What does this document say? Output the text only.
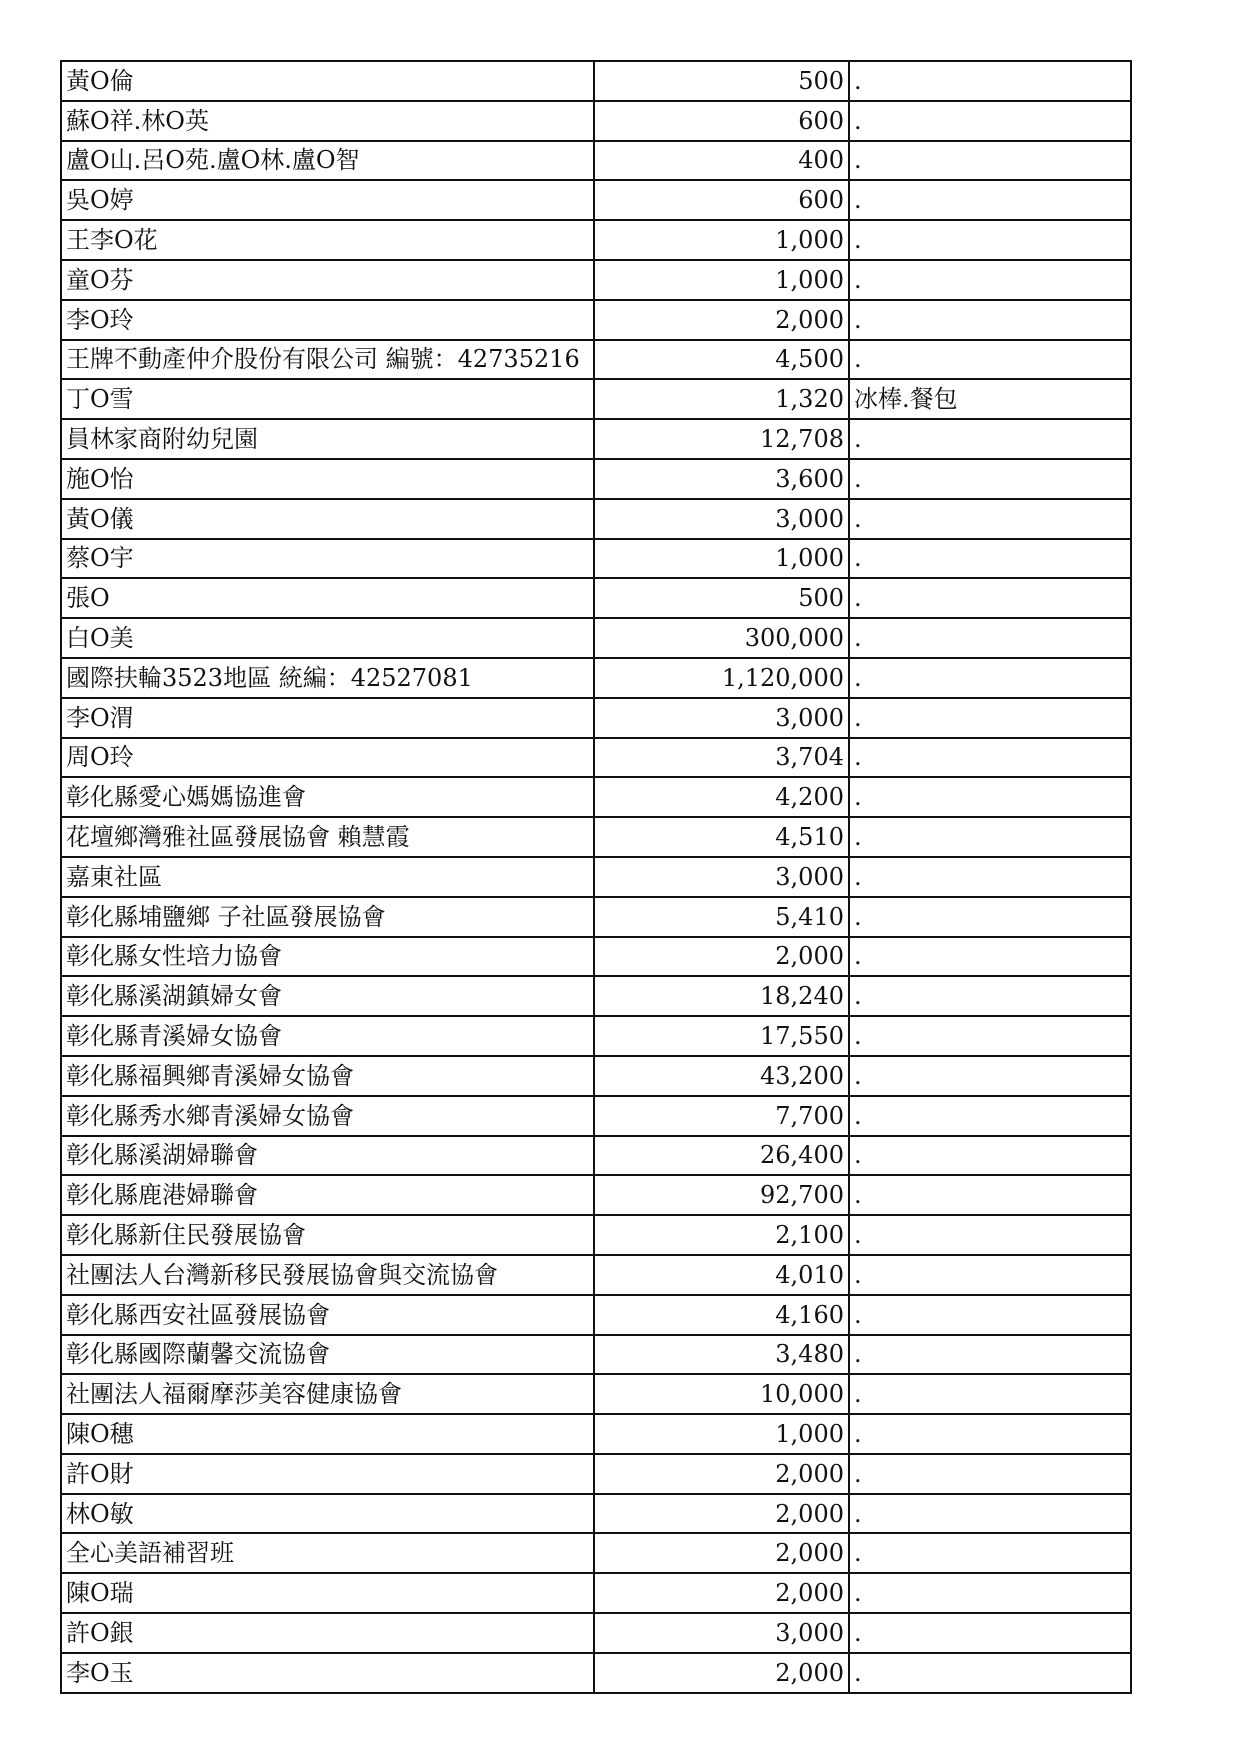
黃O倫	500	.
蘇O祥.林O英	600	.
盧O山.呂O苑.盧O林.盧O智	400	.
吳O婷	600	.
王李O花	1,000	.
童O芬	1,000	.
李O玲	2,000	.
王牌不動產仲介股份有限公司 編號：42735216	4,500	.
丁O雪	1,320	冰棒.餐包
員林家商附幼兒園	12,708	.
施O怡	3,600	.
黃O儀	3,000	.
蔡O宇	1,000	.
張O	500	.
白O美	300,000	.
國際扶輪3523地區 統編：42527081	1,120,000	.
李O渭	3,000	.
周O玲	3,704	.
彰化縣愛心媽媽協進會	4,200	.
花壇鄉灣雅社區發展協會 賴慧霞	4,510	.
嘉東社區	3,000	.
彰化縣埔鹽鄉 子社區發展協會	5,410	.
彰化縣女性培力協會	2,000	.
彰化縣溪湖鎮婦女會	18,240	.
彰化縣青溪婦女協會	17,550	.
彰化縣福興鄉青溪婦女協會	43,200	.
彰化縣秀水鄉青溪婦女協會	7,700	.
彰化縣溪湖婦聯會	26,400	.
彰化縣鹿港婦聯會	92,700	.
彰化縣新住民發展協會	2,100	.
社團法人台灣新移民發展協會與交流協會	4,010	.
彰化縣西安社區發展協會	4,160	.
彰化縣國際蘭馨交流協會	3,480	.
社團法人福爾摩莎美容健康協會	10,000	.
陳O穗	1,000	.
許O財	2,000	.
林O敏	2,000	.
全心美語補習班	2,000	.
陳O瑞	2,000	.
許O銀	3,000	.
李O玉	2,000	.
